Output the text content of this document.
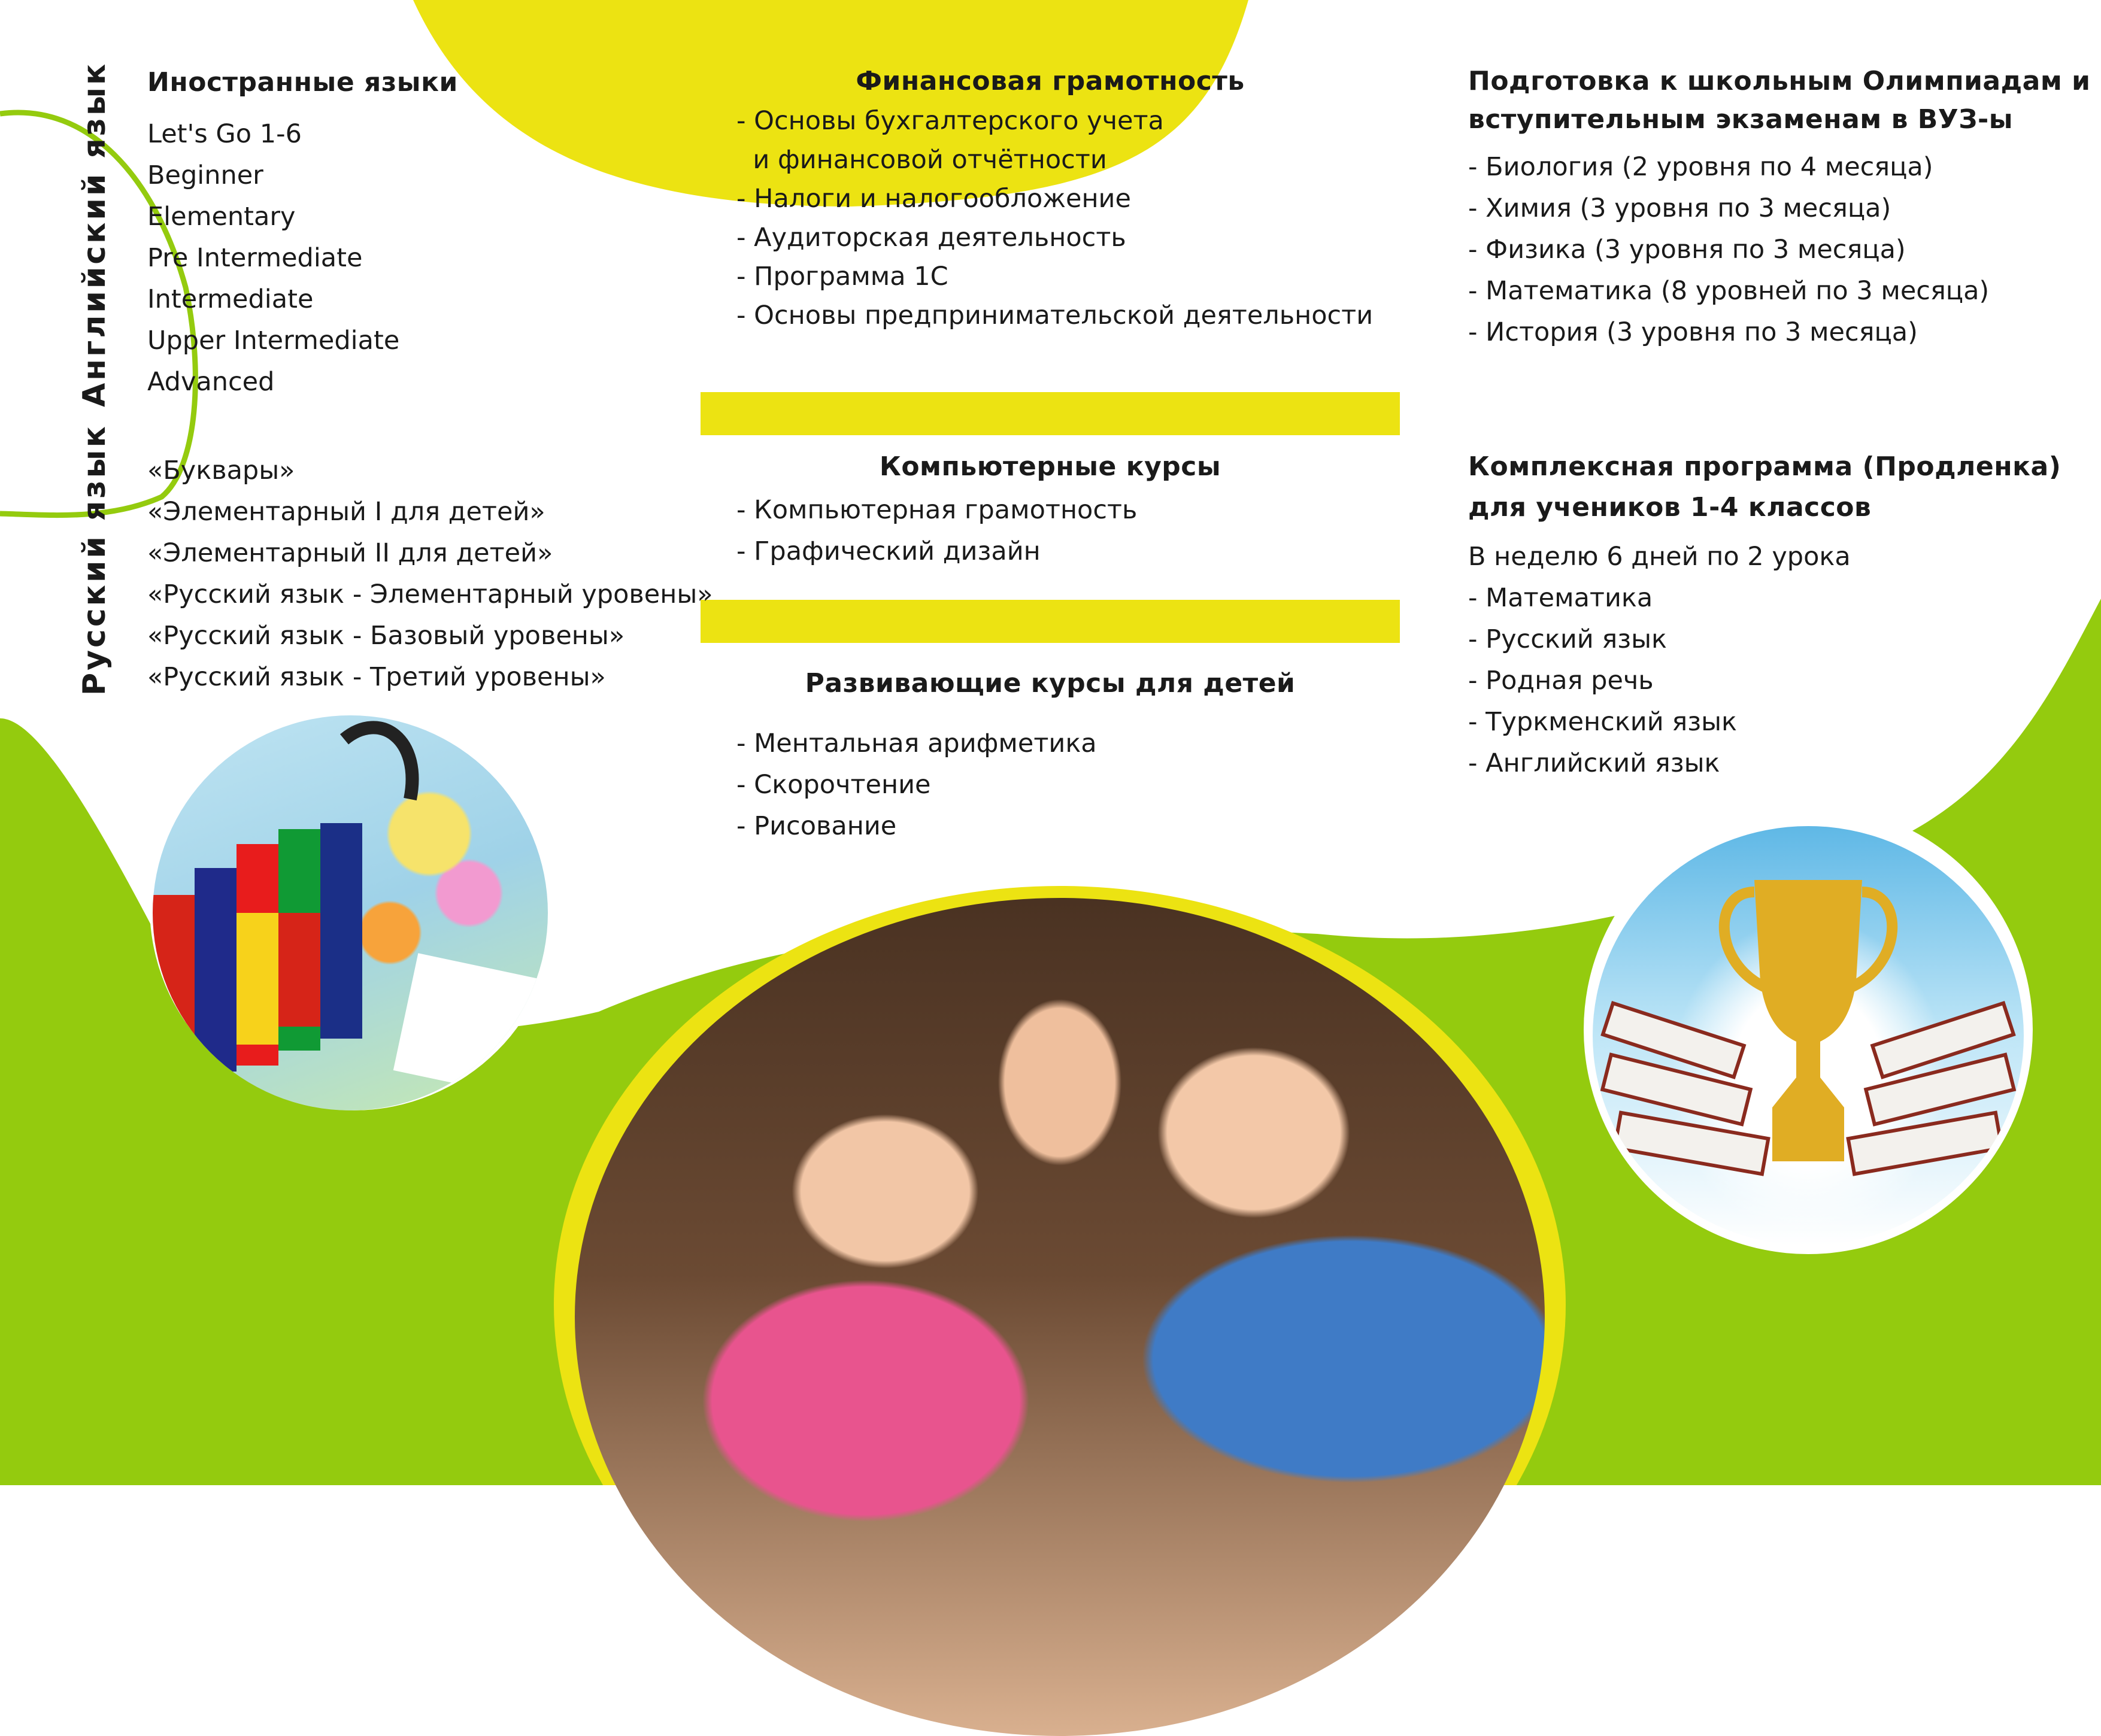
Иностранные языки
Английский язык Let's Go 1-6
Beginner
Elementary
Pre Intermediate
Intermediate
Upper Intermediate
Advanced
Русский язык «Буквары»
«Элементарный I для детей»
«Элементарный II для детей»
«Русский язык - Элементарный уровены»
«Русский язык - Базовый уровены»
«Русский язык - Третий уровены»
Финансовая грамотность
- Основы бухгалтерского учета
и финансовой отчётности
- Налоги и налогообложение
- Аудиторская деятельность
- Программа 1С
- Основы предпринимательской деятельности
Компьютерные курсы
- Компьютерная грамотность
- Графический дизайн
Развивающие курсы для детей
- Ментальная арифметика
- Скорочтение
- Рисование
Подготовка к школьным Олимпиадам и
вступительным экзаменам в ВУЗ-ы
- Биология (2 уровня по 4 месяца)
- Химия (3 уровня по 3 месяца)
- Физика (3 уровня по 3 месяца)
- Математика (8 уровней по 3 месяца)
- История (3 уровня по 3 месяца)
Комплексная программа (Продленка)
для учеников 1-4 классов
В неделю 6 дней по 2 урока
- Математика
- Русский язык
- Родная речь
- Туркменский язык
- Английский язык
